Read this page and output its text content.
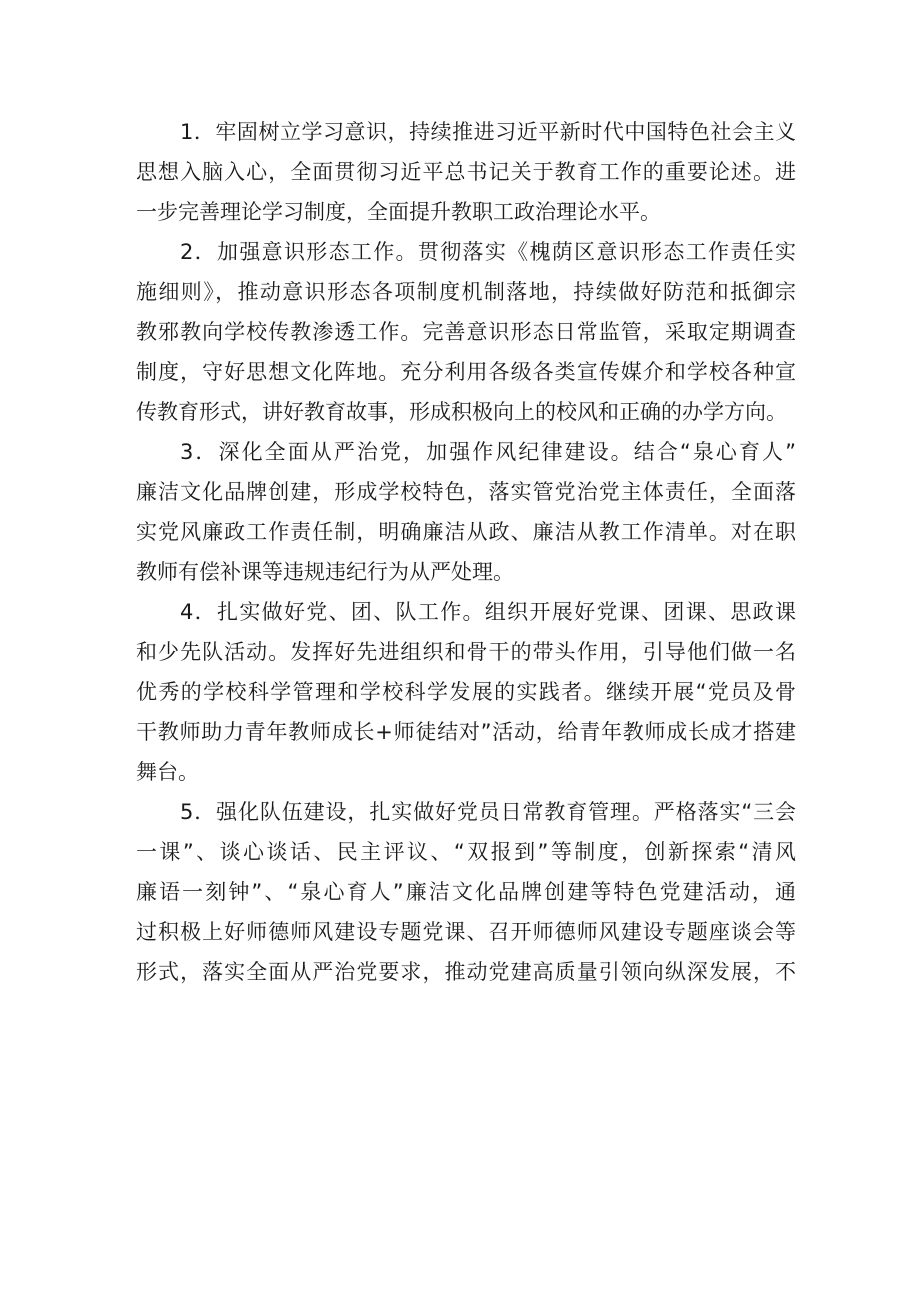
1．牢固树立学习意识，持续推进习近平新时代中国特色社会主义
思想入脑入心，全面贯彻习近平总书记关于教育工作的重要论述。进
一步完善理论学习制度，全面提升教职工政治理论水平。
2．加强意识形态工作。贯彻落实《槐荫区意识形态工作责任实
施细则》，推动意识形态各项制度机制落地，持续做好防范和抵御宗
教邪教向学校传教渗透工作。完善意识形态日常监管，采取定期调查
制度，守好思想文化阵地。充分利用各级各类宣传媒介和学校各种宣
传教育形式，讲好教育故事，形成积极向上的校风和正确的办学方向。
3．深化全面从严治党，加强作风纪律建设。结合“泉心育人”
廉洁文化品牌创建，形成学校特色，落实管党治党主体责任，全面落
实党风廉政工作责任制，明确廉洁从政、廉洁从教工作清单。对在职
教师有偿补课等违规违纪行为从严处理。
4．扎实做好党、团、队工作。组织开展好党课、团课、思政课
和少先队活动。发挥好先进组织和骨干的带头作用，引导他们做一名
优秀的学校科学管理和学校科学发展的实践者。继续开展“党员及骨
干教师助力青年教师成长+师徒结对”活动，给青年教师成长成才搭建
舞台。
5．强化队伍建设，扎实做好党员日常教育管理。严格落实“三会
一课”、谈心谈话、民主评议、“双报到”等制度，创新探索“清风
廉语一刻钟”、“泉心育人”廉洁文化品牌创建等特色党建活动，通
过积极上好师德师风建设专题党课、召开师德师风建设专题座谈会等
形式，落实全面从严治党要求，推动党建高质量引领向纵深发展，不
